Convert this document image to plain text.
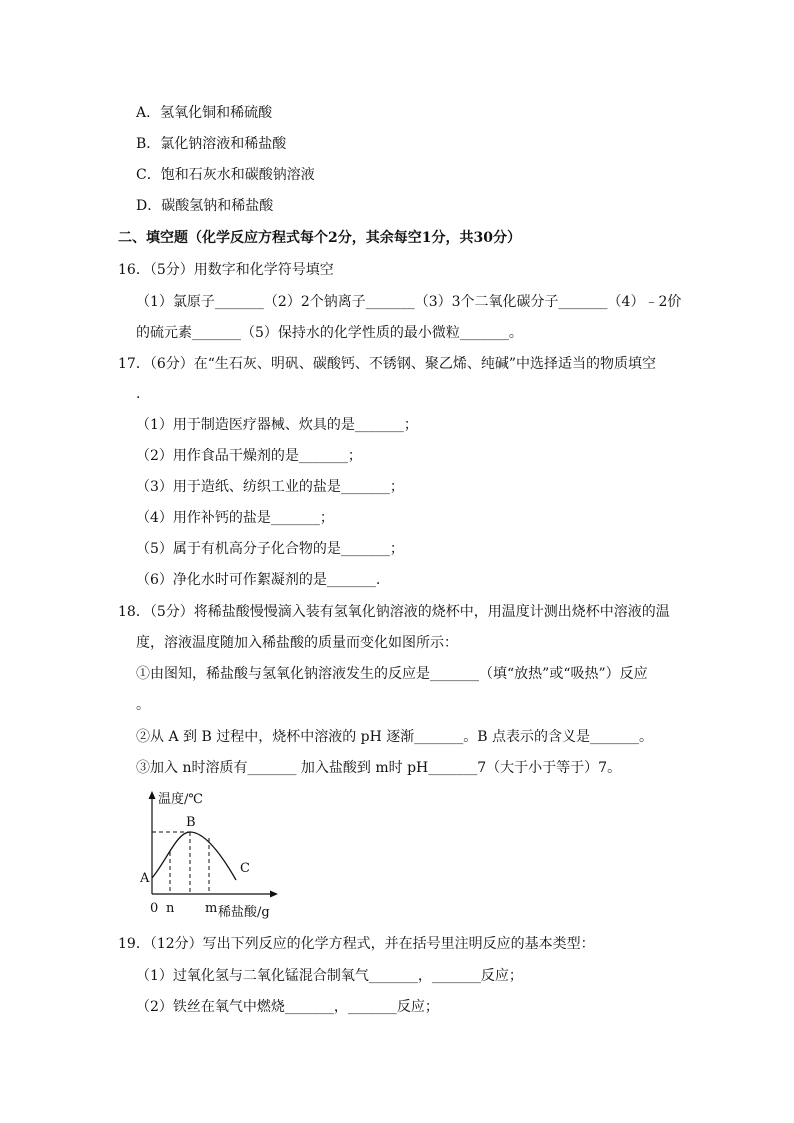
A．氢氧化铜和稀硫酸
B．氯化钠溶液和稀盐酸
C．饱和石灰水和碳酸钠溶液
D．碳酸氢钠和稀盐酸
二、填空题（化学反应方程式每个2分，其余每空1分，共30分）
16．（5分）用数字和化学符号填空
（1）氯原子_______（2）2个钠离子_______（3）3个二氧化碳分子_______（4）﹣2价
的硫元素_______（5）保持水的化学性质的最小微粒_______。
17．（6分）在“生石灰、明矾、碳酸钙、不锈钢、聚乙烯、纯碱”中选择适当的物质填空
.
（1）用于制造医疗器械、炊具的是_______；
（2）用作食品干燥剂的是_______；
（3）用于造纸、纺织工业的盐是_______；
（4）用作补钙的盐是_______；
（5）属于有机高分子化合物的是_______；
（6）净化水时可作絮凝剂的是_______.
18．（5分）将稀盐酸慢慢滴入装有氢氧化钠溶液的烧杯中，用温度计测出烧杯中溶液的温
度，溶液温度随加入稀盐酸的质量而变化如图所示：
①由图知，稀盐酸与氢氧化钠溶液发生的反应是_______（填“放热”或“吸热”）反应
。
②从 A 到 B 过程中，烧杯中溶液的 pH 逐渐_______。B 点表示的含义是_______。
③加入 n时溶质有_______ 加入盐酸到 m时 pH_______7（大于小于等于）7。
温度/℃
B
A
C
0 n m 稀盐酸/g
19．（12分）写出下列反应的化学方程式，并在括号里注明反应的基本类型：
（1）过氧化氢与二氧化锰混合制氧气_______，_______反应；
（2）铁丝在氧气中燃烧_______，_______反应；
